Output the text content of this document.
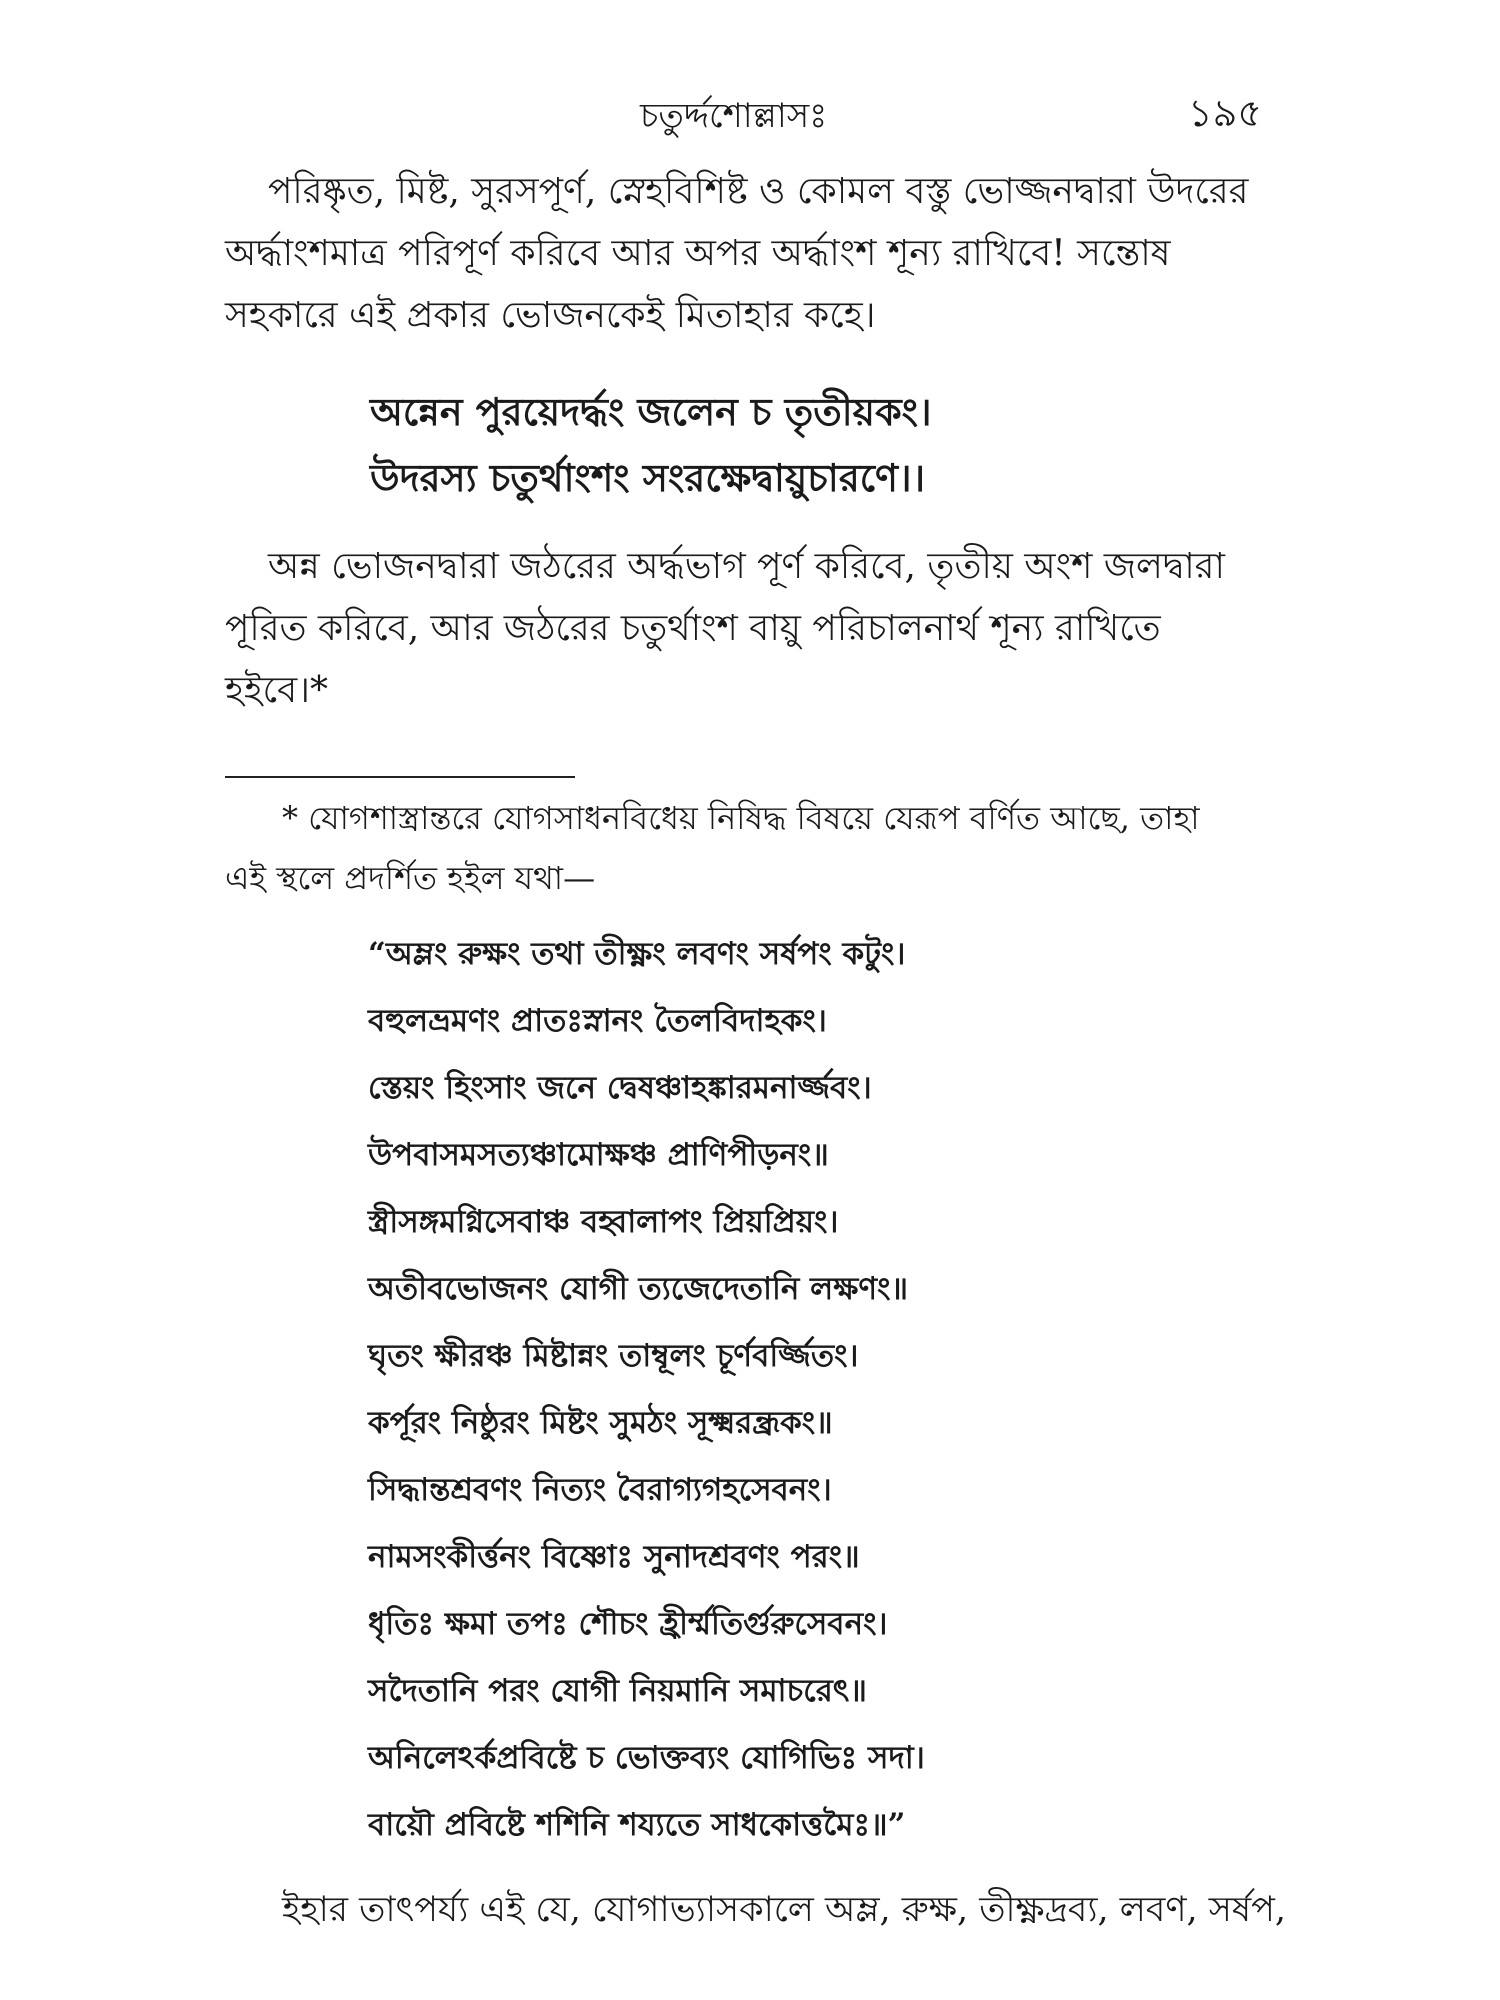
চতুর্দ্দশোল্লাসঃ	১৯৫
পরিষ্কৃত, মিষ্ট, সুরসপূর্ণ, স্নেহবিশিষ্ট ও কোমল বস্তু ভোজ্জনদ্বারা উদরের
অর্দ্ধাংশমাত্র পরিপূর্ণ করিবে আর অপর অর্দ্ধাংশ শূন্য রাখিবে! সন্তোষ
সহকারে এই প্রকার ভোজনকেই মিতাহার কহে।
অন্নেন পুরয়েদর্দ্ধং জলেন চ তৃতীয়কং।
উদরস্য চতুর্থাংশং সংরক্ষেদ্বায়ুচারণে।।
অন্ন ভোজনদ্বারা জঠরের অর্দ্ধভাগ পূর্ণ করিবে, তৃতীয় অংশ জলদ্বারা
পূরিত করিবে, আর জঠরের চতুর্থাংশ বায়ু পরিচালনার্থ শূন্য রাখিতে
হইবে।*
* যোগশাস্ত্রান্তরে যোগসাধনবিধেয় নিষিদ্ধ বিষয়ে যেরূপ বর্ণিত আছে, তাহা
এই স্থলে প্রদর্শিত হইল যথা—
“অম্লং রুক্ষং তথা তীক্ষ্ণং লবণং সর্ষপং কটুং।
বহুলভ্রমণং প্রাতঃস্নানং তৈলবিদাহকং।
স্তেয়ং হিংসাং জনে দ্বেষঞ্চাহঙ্কারমনার্জ্জবং।
উপবাসমসত্যঞ্চামোক্ষঞ্চ প্রাণিপীড়নং॥
স্ত্রীসঙ্গমগ্নিসেবাঞ্চ বহ্বালাপং প্রিয়প্রিয়ং।
অতীবভোজনং যোগী ত্যজেদেতানি লক্ষণং॥
ঘৃতং ক্ষীরঞ্চ মিষ্টান্নং তাম্বূলং চূর্ণবর্জ্জিতং।
কর্পূরং নিষ্ঠুরং মিষ্টং সুমঠং সূক্ষ্মরন্ধ্রকং॥
সিদ্ধান্তশ্রবণং নিত্যং বৈরাগ্যগহসেবনং।
নামসংকীর্ত্তনং বিষ্ণোঃ সুনাদশ্রবণং পরং॥
ধৃতিঃ ক্ষমা তপঃ শৌচং হ্রীর্ম্মতির্গুরুসেবনং।
সদৈতানি পরং যোগী নিয়মানি সমাচরেৎ॥
অনিলেঽর্কপ্রবিষ্টে চ ভোক্তব্যং যোগিভিঃ সদা।
বায়ৌ প্রবিষ্টে শশিনি শয্যতে সাধকোত্তমৈঃ॥”
ইহার তাৎপর্য্য এই যে, যোগাভ্যাসকালে অম্ল, রুক্ষ, তীক্ষ্ণদ্রব্য, লবণ, সর্ষপ,
